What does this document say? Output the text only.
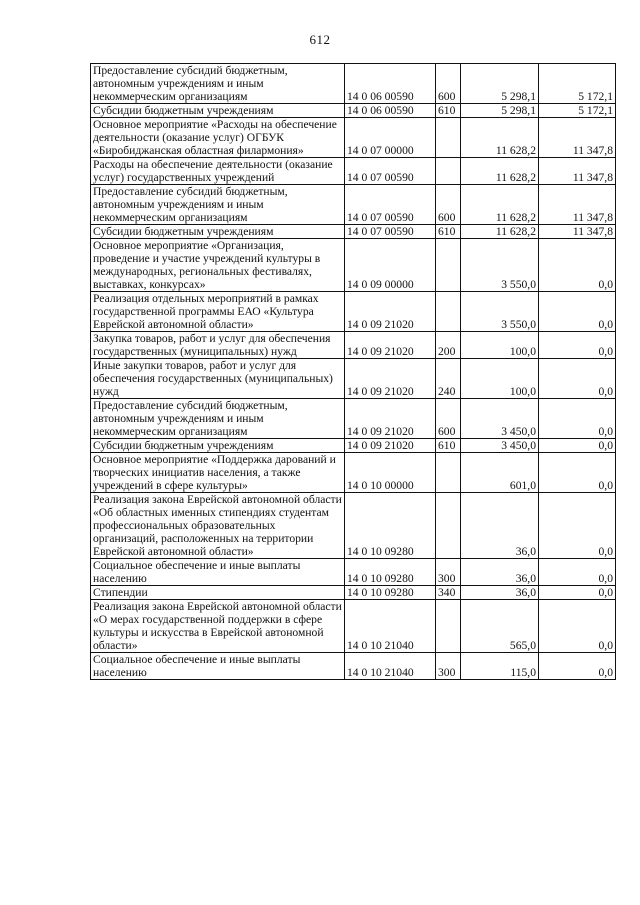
612
Предоставление субсидий бюджетным, автономным учреждениям и иным некоммерческим организациям	14 0 06 00590	600	5 298,1	5 172,1
Субсидии бюджетным учреждениям	14 0 06 00590	610	5 298,1	5 172,1
Основное мероприятие «Расходы на обеспечение деятельности (оказание услуг) ОГБУК «Биробиджанская областная филармония»	14 0 07 00000		11 628,2	11 347,8
Расходы на обеспечение деятельности (оказание услуг) государственных учреждений	14 0 07 00590		11 628,2	11 347,8
Предоставление субсидий бюджетным, автономным учреждениям и иным некоммерческим организациям	14 0 07 00590	600	11 628,2	11 347,8
Субсидии бюджетным учреждениям	14 0 07 00590	610	11 628,2	11 347,8
Основное мероприятие «Организация, проведение и участие учреждений культуры в международных, региональных фестивалях, выставках, конкурсах»	14 0 09 00000		3 550,0	0,0
Реализация отдельных мероприятий в рамках государственной программы ЕАО «Культура Еврейской автономной области»	14 0 09 21020		3 550,0	0,0
Закупка товаров, работ и услуг для обеспечения государственных (муниципальных) нужд	14 0 09 21020	200	100,0	0,0
Иные закупки товаров, работ и услуг для обеспечения государственных (муниципальных) нужд	14 0 09 21020	240	100,0	0,0
Предоставление субсидий бюджетным, автономным учреждениям и иным некоммерческим организациям	14 0 09 21020	600	3 450,0	0,0
Субсидии бюджетным учреждениям	14 0 09 21020	610	3 450,0	0,0
Основное мероприятие «Поддержка дарований и творческих инициатив населения, а также учреждений в сфере культуры»	14 0 10 00000		601,0	0,0
Реализация закона Еврейской автономной области «Об областных именных стипендиях студентам профессиональных образовательных организаций, расположенных на территории Еврейской автономной области»	14 0 10 09280		36,0	0,0
Социальное обеспечение и иные выплаты населению	14 0 10 09280	300	36,0	0,0
Стипендии	14 0 10 09280	340	36,0	0,0
Реализация закона Еврейской автономной области «О мерах государственной поддержки в сфере культуры и искусства в Еврейской автономной области»	14 0 10 21040		565,0	0,0
Социальное обеспечение и иные выплаты населению	14 0 10 21040	300	115,0	0,0
